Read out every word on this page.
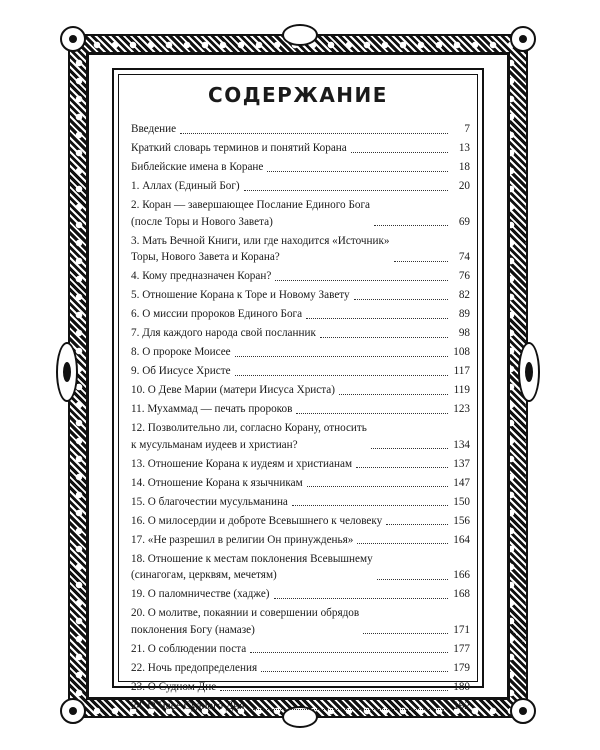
СОДЕРЖАНИЕ
Введение	7
Краткий словарь терминов и понятий Корана	13
Библейские имена в Коране	18
1. Аллах (Единый Бог)	20
2. Коран — завершающее Послание Единого Бога
(после Торы и Нового Завета)	69
3. Мать Вечной Книги, или где находится «Источник»
Торы, Нового Завета и Корана?	74
4. Кому предназначен Коран?	76
5. Отношение Корана к Торе и Новому Завету	82
6. О миссии пророков Единого Бога	89
7. Для каждого народа свой посланник	98
8. О пророке Моисее	108
9. Об Иисусе Христе	117
10. О Деве Марии (матери Иисуса Христа)	119
11. Мухаммад — печать пророков	123
12. Позволительно ли, согласно Корану, относить
к мусульманам иудеев и христиан?	134
13. Отношение Корана к иудеям и христианам	137
14. Отношение Корана к язычникам	147
15. О благочестии мусульманина	150
16. О милосердии и доброте Всевышнего к человеку	156
17. «Не разрешил в религии Он принужденья»	164
18. Отношение к местам поклонения Всевышнему
(синагогам, церквям, мечетям)	166
19. О паломничестве (хадже)	168
20. О молитве, покаянии и совершении обрядов
поклонения Богу (намазе)	171
21. О соблюдении поста	177
22. Ночь предопределения	179
23. О Судном Дне	180
24. О Часе Судного Дня	192
